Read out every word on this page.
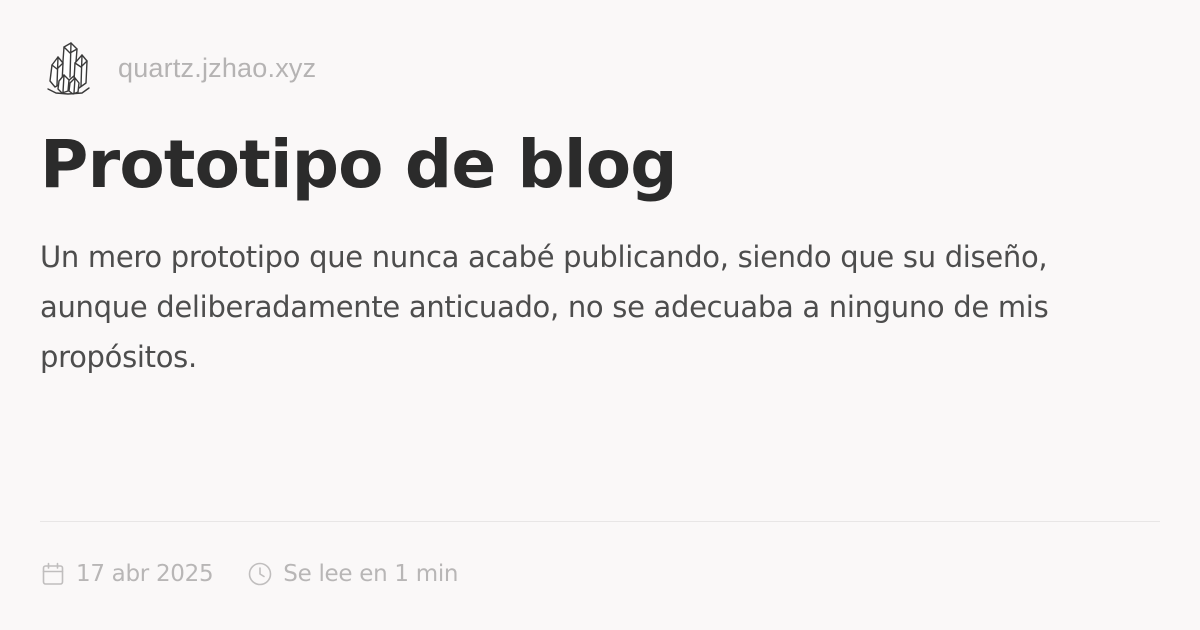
quartz.jzhao.xyz
Prototipo de blog

Un mero prototipo que nunca acabé publicando, siendo que su diseño, aunque deliberadamente anticuado, no se adecuaba a ninguno de mis propósitos.

17 abr 2025	Se lee en 1 min
